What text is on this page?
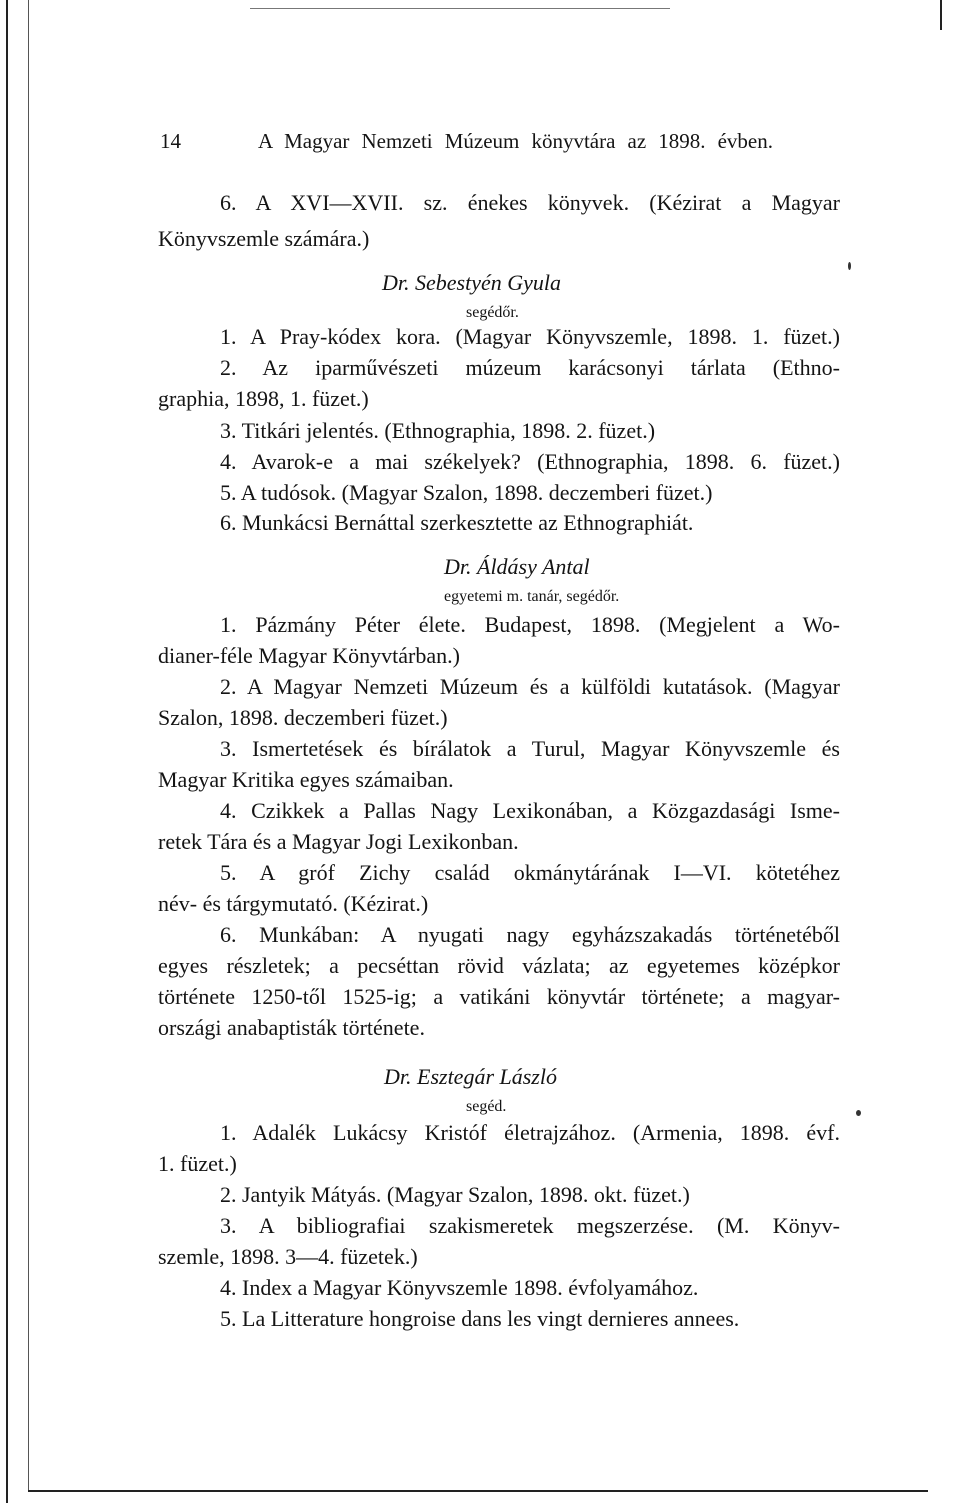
14	A Magyar Nemzeti Múzeum könyvtára az 1898. évben.
6. A XVI—XVII. sz. énekes könyvek. (Kézirat a Magyar
Könyvszemle számára.)
Dr. Sebestyén Gyula
segédőr.
1. A Pray-kódex kora. (Magyar Könyvszemle, 1898. 1. füzet.)
2. Az iparművészeti múzeum karácsonyi tárlata (Ethno-
graphia, 1898, 1. füzet.)
3. Titkári jelentés. (Ethnographia, 1898. 2. füzet.)
4. Avarok-e a mai székelyek? (Ethnographia, 1898. 6. füzet.)
5. A tudósok. (Magyar Szalon, 1898. deczemberi füzet.)
6. Munkácsi Bernáttal szerkesztette az Ethnographiát.
Dr. Áldásy Antal
egyetemi m. tanár, segédőr.
1. Pázmány Péter élete. Budapest, 1898. (Megjelent a Wo-
dianer-féle Magyar Könyvtárban.)
2. A Magyar Nemzeti Múzeum és a külföldi kutatások. (Magyar
Szalon, 1898. deczemberi füzet.)
3. Ismertetések és bírálatok a Turul, Magyar Könyvszemle és
Magyar Kritika egyes számaiban.
4. Czikkek a Pallas Nagy Lexikonában, a Közgazdasági Isme-
retek Tára és a Magyar Jogi Lexikonban.
5. A gróf Zichy család okmánytárának I—VI. kötetéhez
név- és tárgymutató. (Kézirat.)
6. Munkában: A nyugati nagy egyházszakadás történetéből
egyes részletek; a pecséttan rövid vázlata; az egyetemes középkor
története 1250-től 1525-ig; a vatikáni könyvtár története; a magyar-
országi anabaptisták története.
Dr. Esztegár László
segéd.
1. Adalék Lukácsy Kristóf életrajzához. (Armenia, 1898. évf.
1. füzet.)
2. Jantyik Mátyás. (Magyar Szalon, 1898. okt. füzet.)
3. A bibliografiai szakismeretek megszerzése. (M. Könyv-
szemle, 1898. 3—4. füzetek.)
4. Index a Magyar Könyvszemle 1898. évfolyamához.
5. La Litterature hongroise dans les vingt dernieres annees.
